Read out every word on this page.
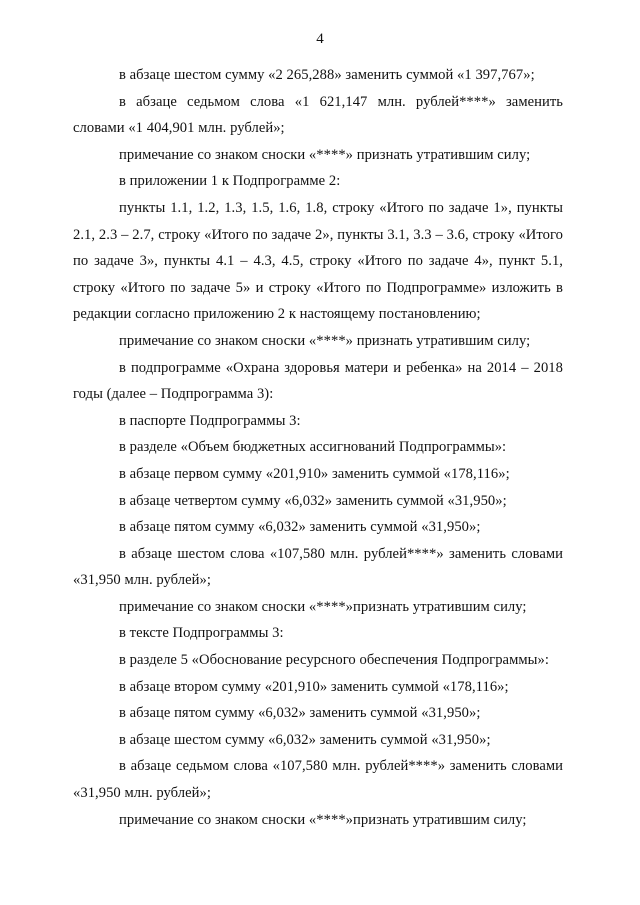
4

в абзаце шестом сумму «2 265,288» заменить суммой «1 397,767»;

в абзаце седьмом слова «1 621,147 млн. рублей****» заменить словами «1 404,901 млн. рублей»;

примечание со знаком сноски «****» признать утратившим силу;

в приложении 1 к Подпрограмме 2:

пункты 1.1, 1.2, 1.3, 1.5, 1.6, 1.8, строку «Итого по задаче 1», пункты 2.1, 2.3 – 2.7, строку «Итого по задаче 2», пункты 3.1, 3.3 – 3.6, строку «Итого по задаче 3», пункты 4.1 – 4.3, 4.5, строку «Итого по задаче 4», пункт 5.1, строку «Итого по задаче 5» и строку «Итого по Подпрограмме» изложить в редакции согласно приложению 2 к настоящему постановлению;

примечание со знаком сноски «****» признать утратившим силу;

в подпрограмме «Охрана здоровья матери и ребенка» на 2014 – 2018 годы (далее – Подпрограмма 3):

в паспорте Подпрограммы 3:

в разделе «Объем бюджетных ассигнований Подпрограммы»:

в абзаце первом сумму «201,910» заменить суммой «178,116»;

в абзаце четвертом сумму «6,032» заменить суммой «31,950»;

в абзаце пятом сумму «6,032» заменить суммой «31,950»;

в абзаце шестом слова «107,580 млн. рублей****» заменить словами «31,950 млн. рублей»;

примечание со знаком сноски «****»признать утратившим силу;

в тексте Подпрограммы 3:

в разделе 5 «Обоснование ресурсного обеспечения Подпрограммы»:

в абзаце втором сумму «201,910» заменить суммой «178,116»;

в абзаце пятом сумму «6,032» заменить суммой «31,950»;

в абзаце шестом сумму «6,032» заменить суммой «31,950»;

в абзаце седьмом слова «107,580 млн. рублей****» заменить словами «31,950 млн. рублей»;

примечание со знаком сноски «****»признать утратившим силу;
